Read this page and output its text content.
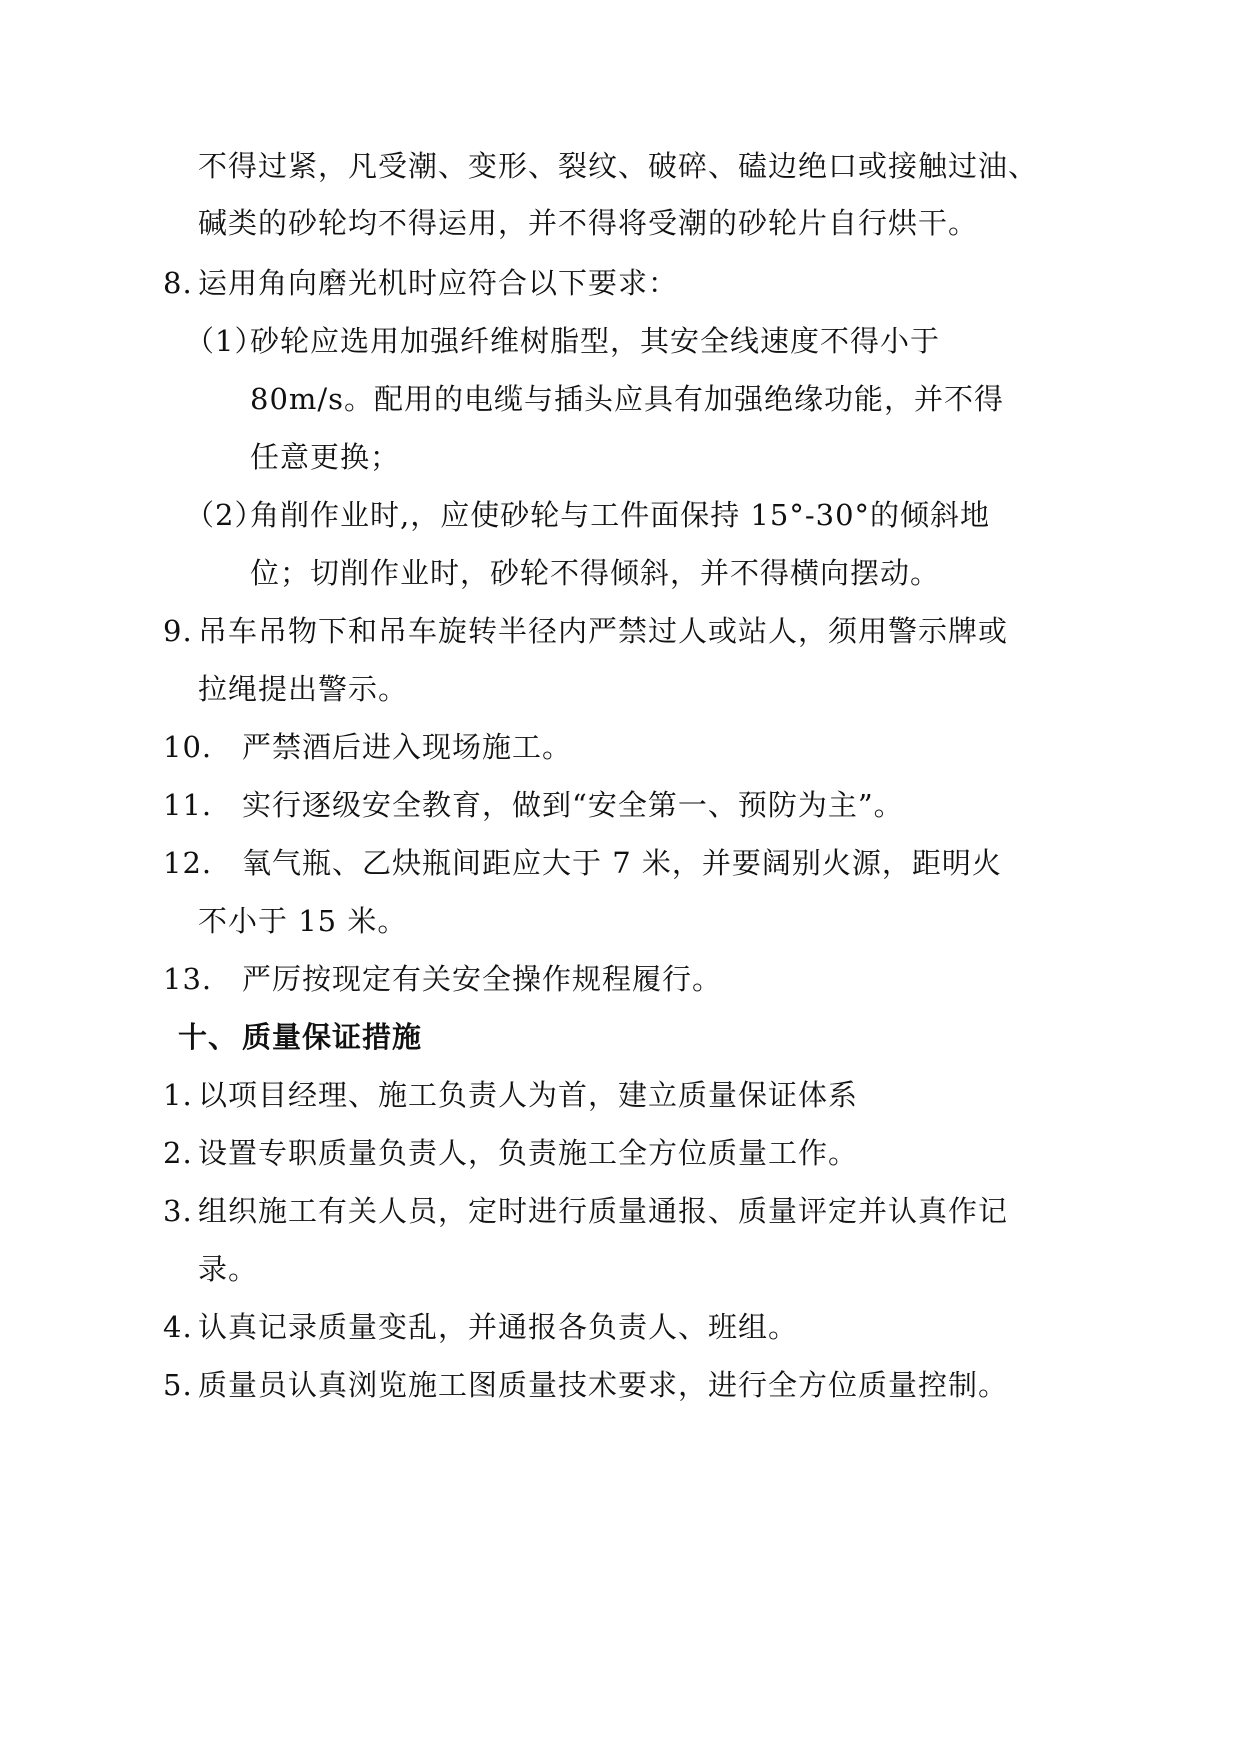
不得过紧，凡受潮、变形、裂纹、破碎、磕边绝口或接触过油、
碱类的砂轮均不得运用，并不得将受潮的砂轮片自行烘干。
8. 运用角向磨光机时应符合以下要求：
（1）
砂轮应选用加强纤维树脂型，其安全线速度不得小于
80m/s。配用的电缆与插头应具有加强绝缘功能，并不得
任意更换；
（2）
角削作业时,，应使砂轮与工件面保持 15°-30°的倾斜地
位；切削作业时，砂轮不得倾斜，并不得横向摆动。
9. 吊车吊物下和吊车旋转半径内严禁过人或站人，须用警示牌或
拉绳提出警示。
10. 严禁酒后进入现场施工。
11. 实行逐级安全教育，做到“安全第一、预防为主”。
12. 氧气瓶、乙炔瓶间距应大于 7 米，并要阔别火源，距明火
不小于 15 米。
13. 严厉按现定有关安全操作规程履行。
十、 质量保证措施
1. 以项目经理、施工负责人为首，建立质量保证体系
2. 设置专职质量负责人，负责施工全方位质量工作。
3. 组织施工有关人员，定时进行质量通报、质量评定并认真作记
录。
4. 认真记录质量变乱，并通报各负责人、班组。
5. 质量员认真浏览施工图质量技术要求，进行全方位质量控制。
